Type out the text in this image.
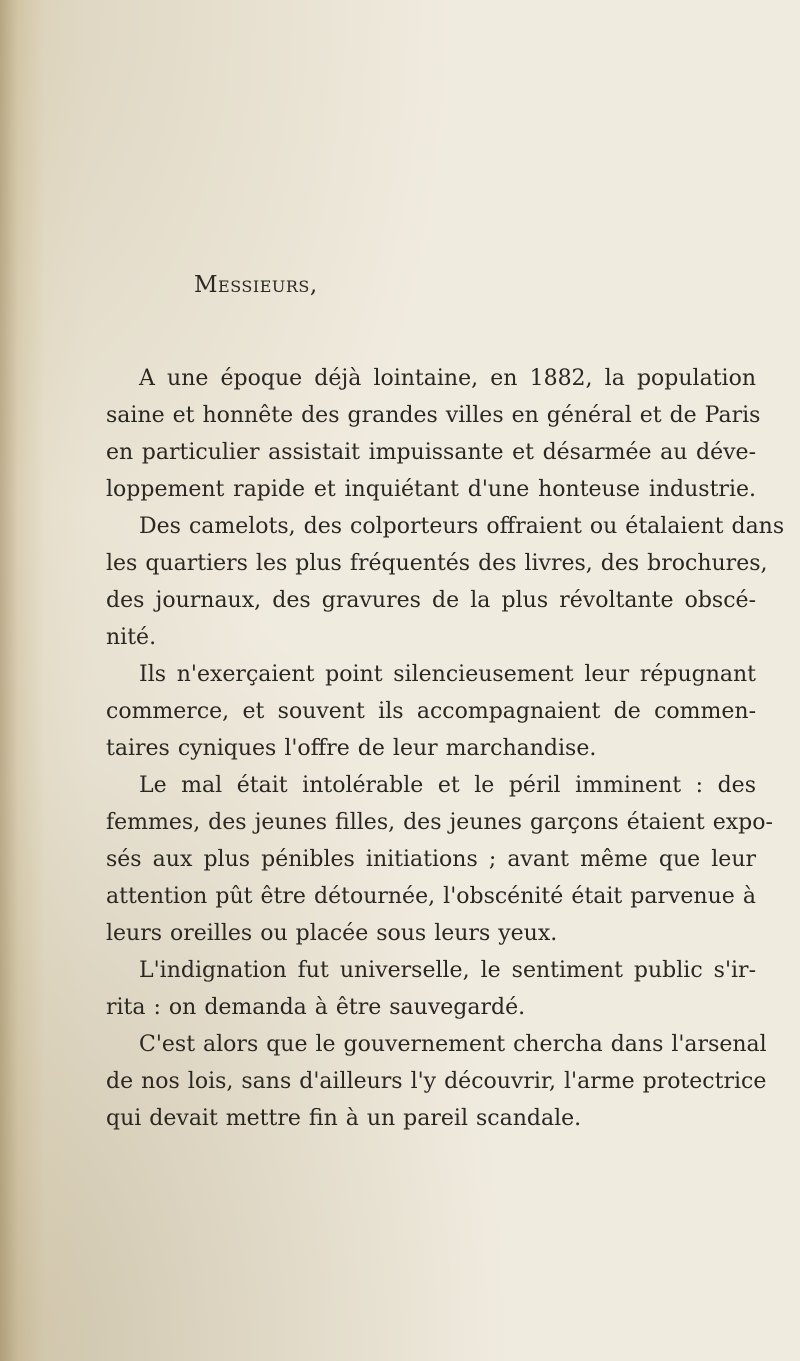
Messieurs,

A une époque déjà lointaine, en 1882, la population
saine et honnête des grandes villes en général et de Paris
en particulier assistait impuissante et désarmée au déve-
loppement rapide et inquiétant d'une honteuse industrie.
Des camelots, des colporteurs offraient ou étalaient dans
les quartiers les plus fréquentés des livres, des brochures,
des journaux, des gravures de la plus révoltante obscé-
nité.
Ils n'exerçaient point silencieusement leur répugnant
commerce, et souvent ils accompagnaient de commen-
taires cyniques l'offre de leur marchandise.
Le mal était intolérable et le péril imminent : des
femmes, des jeunes filles, des jeunes garçons étaient expo-
sés aux plus pénibles initiations ; avant même que leur
attention pût être détournée, l'obscénité était parvenue à
leurs oreilles ou placée sous leurs yeux.
L'indignation fut universelle, le sentiment public s'ir-
rita : on demanda à être sauvegardé.
C'est alors que le gouvernement chercha dans l'arsenal
de nos lois, sans d'ailleurs l'y découvrir, l'arme protectrice
qui devait mettre fin à un pareil scandale.
